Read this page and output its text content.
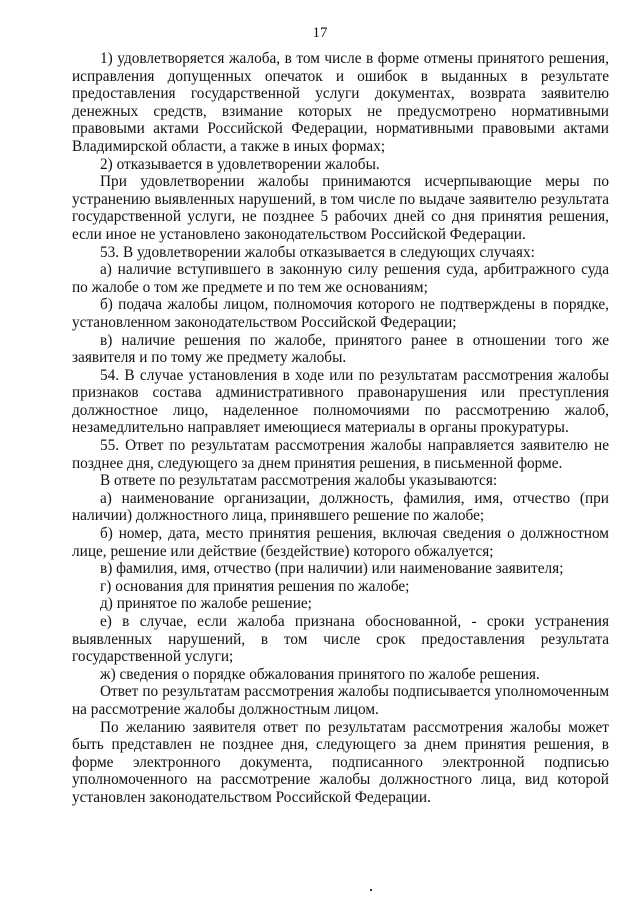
17

1) удовлетворяется жалоба, в том числе в форме отмены принятого решения, исправления допущенных опечаток и ошибок в выданных в результате предоставления государственной услуги документах, возврата заявителю денежных средств, взимание которых не предусмотрено нормативными правовыми актами Российской Федерации, нормативными правовыми актами Владимирской области, а также в иных формах;

2) отказывается в удовлетворении жалобы.

При удовлетворении жалобы принимаются исчерпывающие меры по устранению выявленных нарушений, в том числе по выдаче заявителю результата государственной услуги, не позднее 5 рабочих дней со дня принятия решения, если иное не установлено законодательством Российской Федерации.

53. В удовлетворении жалобы отказывается в следующих случаях:

а) наличие вступившего в законную силу решения суда, арбитражного суда по жалобе о том же предмете и по тем же основаниям;

б) подача жалобы лицом, полномочия которого не подтверждены в порядке, установленном законодательством Российской Федерации;

в) наличие решения по жалобе, принятого ранее в отношении того же заявителя и по тому же предмету жалобы.

54. В случае установления в ходе или по результатам рассмотрения жалобы признаков состава административного правонарушения или преступления должностное лицо, наделенное полномочиями по рассмотрению жалоб, незамедлительно направляет имеющиеся материалы в органы прокуратуры.

55. Ответ по результатам рассмотрения жалобы направляется заявителю не позднее дня, следующего за днем принятия решения, в письменной форме.

В ответе по результатам рассмотрения жалобы указываются:

а) наименование организации, должность, фамилия, имя, отчество (при наличии) должностного лица, принявшего решение по жалобе;

б) номер, дата, место принятия решения, включая сведения о должностном лице, решение или действие (бездействие) которого обжалуется;

в) фамилия, имя, отчество (при наличии) или наименование заявителя;

г) основания для принятия решения по жалобе;

д) принятое по жалобе решение;

е) в случае, если жалоба признана обоснованной, - сроки устранения выявленных нарушений, в том числе срок предоставления результата государственной услуги;

ж) сведения о порядке обжалования принятого по жалобе решения.

Ответ по результатам рассмотрения жалобы подписывается уполномоченным на рассмотрение жалобы должностным лицом.

По желанию заявителя ответ по результатам рассмотрения жалобы может быть представлен не позднее дня, следующего за днем принятия решения, в форме электронного документа, подписанного электронной подписью уполномоченного на рассмотрение жалобы должностного лица, вид которой установлен законодательством Российской Федерации.
